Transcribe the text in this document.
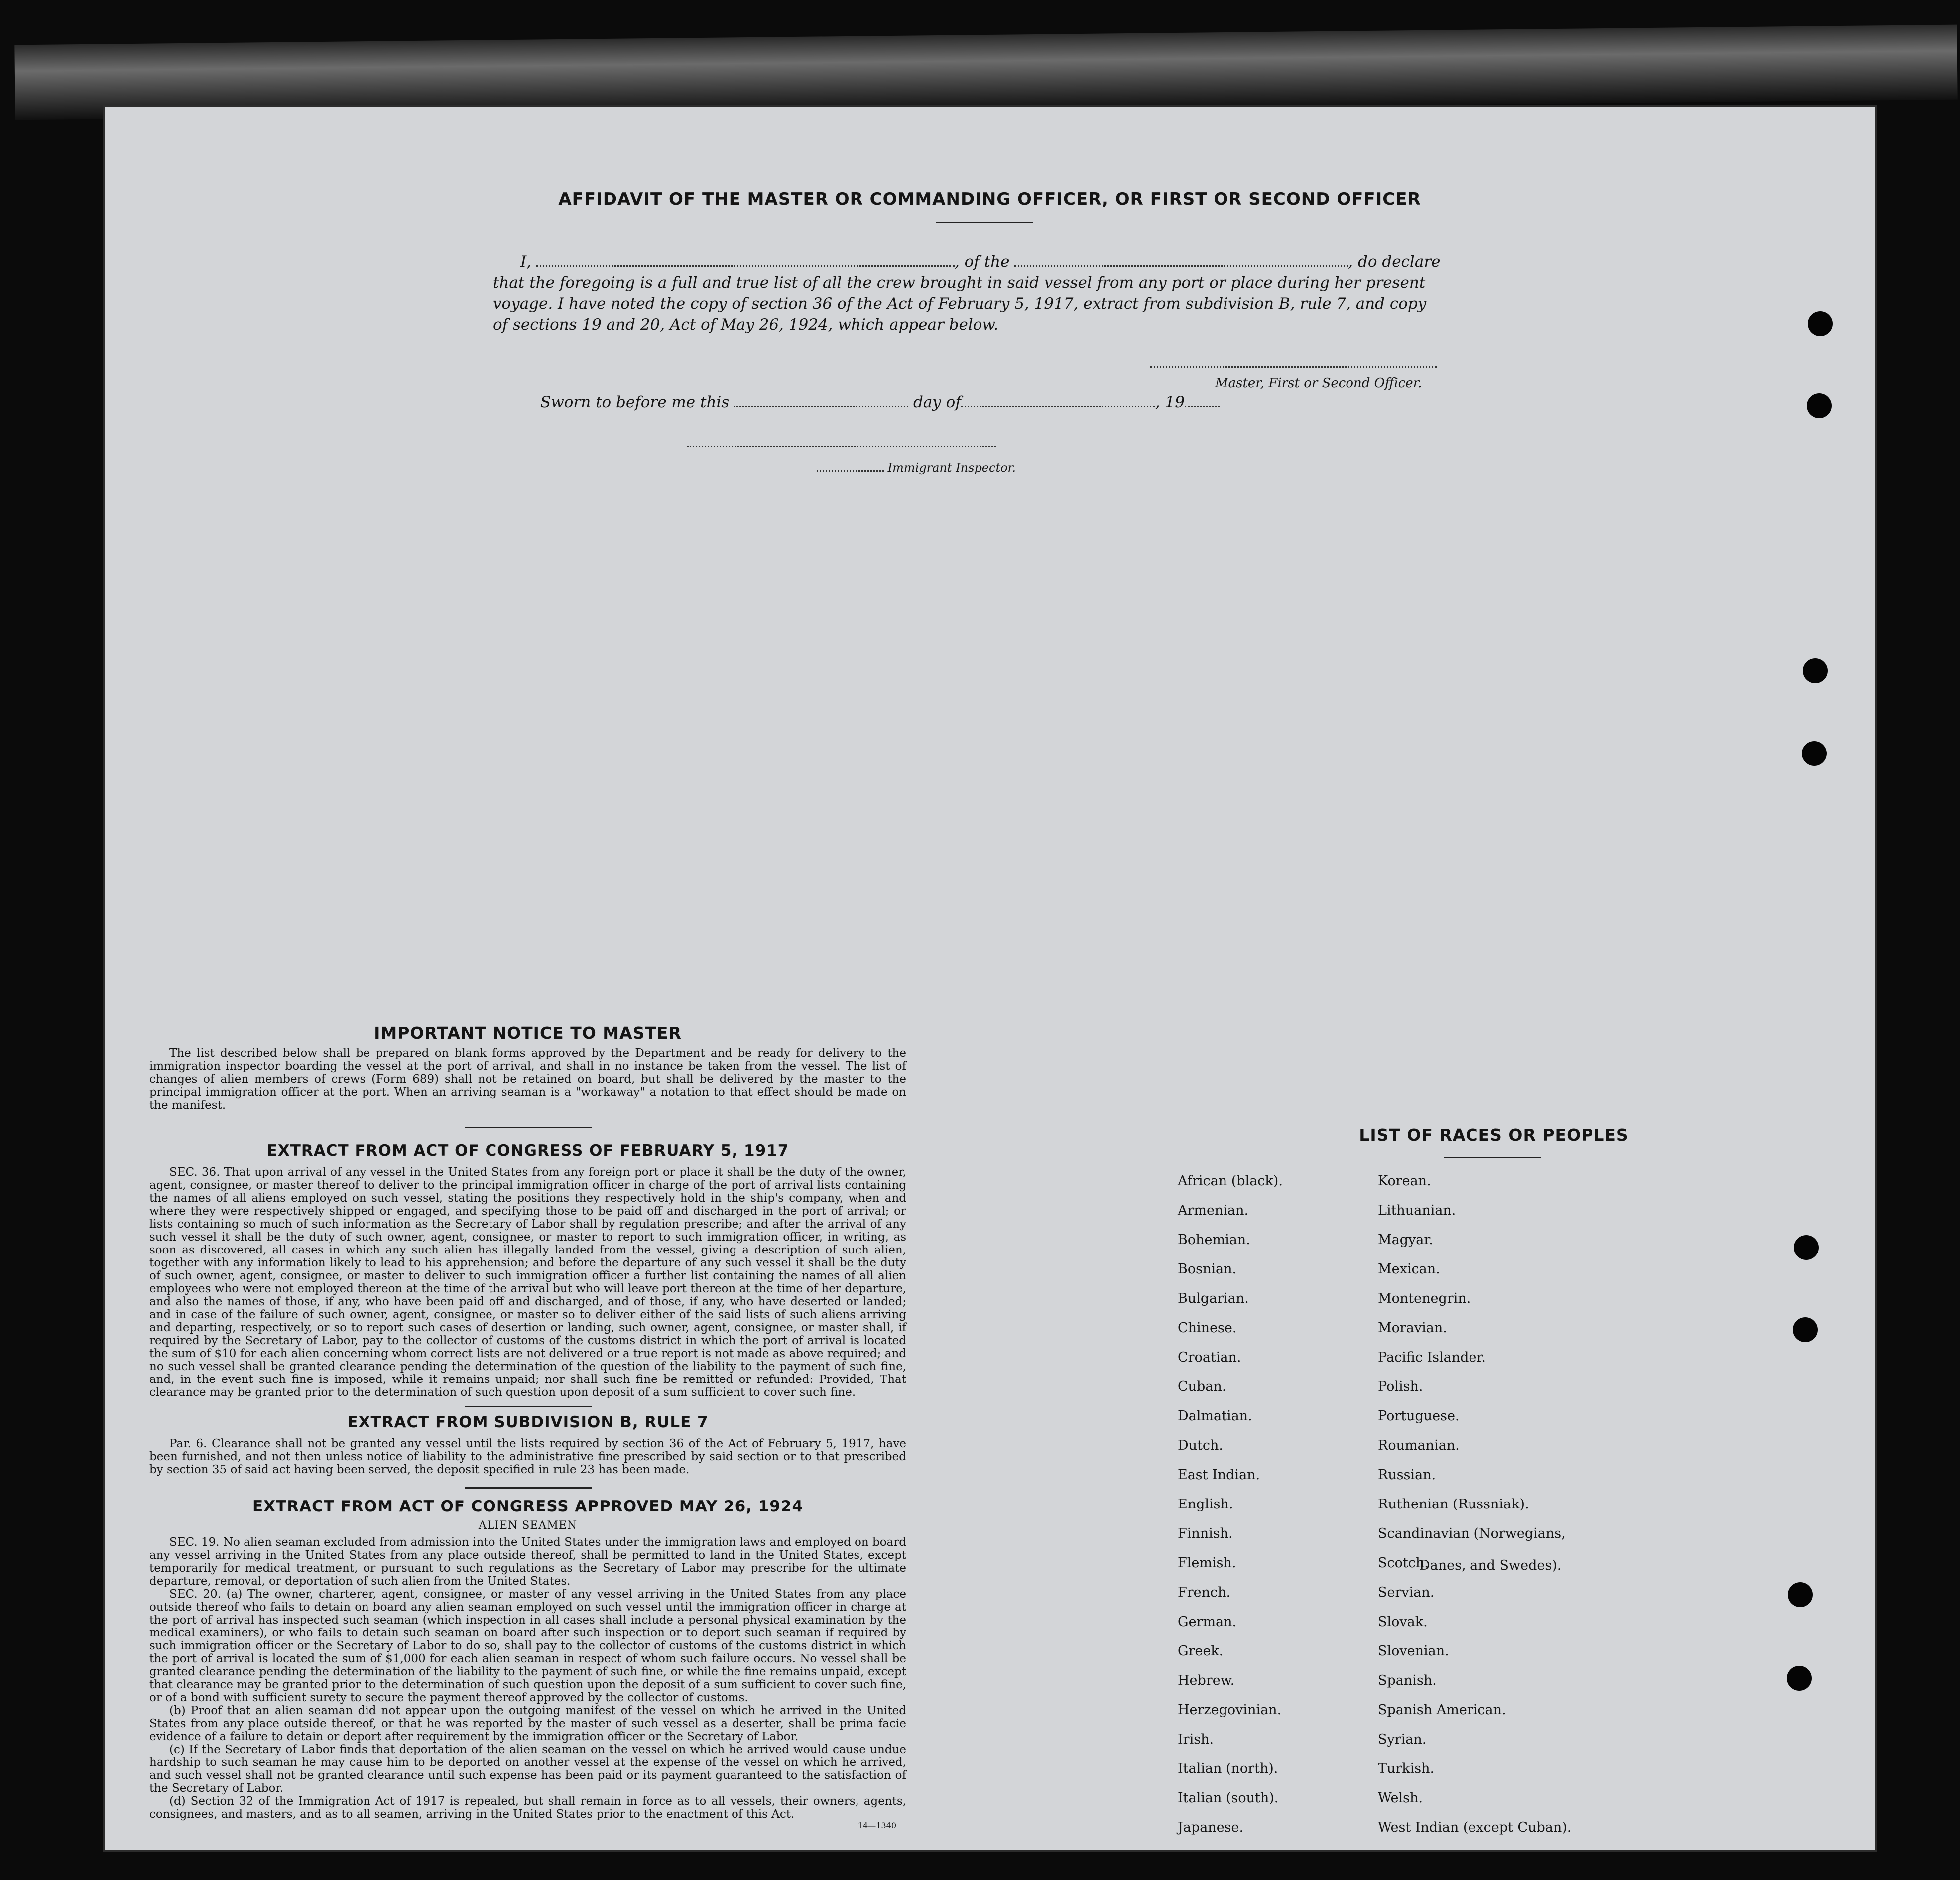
AFFIDAVIT OF THE MASTER OR COMMANDING OFFICER, OR FIRST OR SECOND OFFICER
I,	, of the	, do declare
that the foregoing is a full and true list of all the crew brought in said vessel from any port or place during her present
voyage. I have noted the copy of section 36 of the Act of February 5, 1917, extract from subdivision B, rule 7, and copy
of sections 19 and 20, Act of May 26, 1924, which appear below.
Master, First or Second Officer.
Sworn to before me this	day of	, 19
Immigrant Inspector.
IMPORTANT NOTICE TO MASTER
The list described below shall be prepared on blank forms approved by the Department and be ready for delivery to the immigration inspector boarding the vessel at the port of arrival, and shall in no instance be taken from the vessel. The list of changes of alien members of crews (Form 689) shall not be retained on board, but shall be delivered by the master to the principal immigration officer at the port. When an arriving seaman is a "workaway" a notation to that effect should be made on the manifest.
EXTRACT FROM ACT OF CONGRESS OF FEBRUARY 5, 1917
SEC. 36. That upon arrival of any vessel in the United States from any foreign port or place it shall be the duty of the owner, agent, consignee, or master thereof to deliver to the principal immigration officer in charge of the port of arrival lists containing the names of all aliens employed on such vessel, stating the positions they respectively hold in the ship's company, when and where they were respectively shipped or engaged, and specifying those to be paid off and discharged in the port of arrival; or lists containing so much of such information as the Secretary of Labor shall by regulation prescribe; and after the arrival of any such vessel it shall be the duty of such owner, agent, consignee, or master to report to such immigration officer, in writing, as soon as discovered, all cases in which any such alien has illegally landed from the vessel, giving a description of such alien, together with any information likely to lead to his apprehension; and before the departure of any such vessel it shall be the duty of such owner, agent, consignee, or master to deliver to such immigration officer a further list containing the names of all alien employees who were not employed thereon at the time of the arrival but who will leave port thereon at the time of her departure, and also the names of those, if any, who have been paid off and discharged, and of those, if any, who have deserted or landed; and in case of the failure of such owner, agent, consignee, or master so to deliver either of the said lists of such aliens arriving and departing, respectively, or so to report such cases of desertion or landing, such owner, agent, consignee, or master shall, if required by the Secretary of Labor, pay to the collector of customs of the customs district in which the port of arrival is located the sum of $10 for each alien concerning whom correct lists are not delivered or a true report is not made as above required; and no such vessel shall be granted clearance pending the determination of the question of the liability to the payment of such fine, and, in the event such fine is imposed, while it remains unpaid; nor shall such fine be remitted or refunded: Provided, That clearance may be granted prior to the determination of such question upon deposit of a sum sufficient to cover such fine.
EXTRACT FROM SUBDIVISION B, RULE 7
Par. 6. Clearance shall not be granted any vessel until the lists required by section 36 of the Act of February 5, 1917, have been furnished, and not then unless notice of liability to the administrative fine prescribed by said section or to that prescribed by section 35 of said act having been served, the deposit specified in rule 23 has been made.
EXTRACT FROM ACT OF CONGRESS APPROVED MAY 26, 1924
ALIEN SEAMEN
SEC. 19. No alien seaman excluded from admission into the United States under the immigration laws and employed on board any vessel arriving in the United States from any place outside thereof, shall be permitted to land in the United States, except temporarily for medical treatment, or pursuant to such regulations as the Secretary of Labor may prescribe for the ultimate departure, removal, or deportation of such alien from the United States.
SEC. 20. (a) The owner, charterer, agent, consignee, or master of any vessel arriving in the United States from any place outside thereof who fails to detain on board any alien seaman employed on such vessel until the immigration officer in charge at the port of arrival has inspected such seaman (which inspection in all cases shall include a personal physical examination by the medical examiners), or who fails to detain such seaman on board after such inspection or to deport such seaman if required by such immigration officer or the Secretary of Labor to do so, shall pay to the collector of customs of the customs district in which the port of arrival is located the sum of $1,000 for each alien seaman in respect of whom such failure occurs. No vessel shall be granted clearance pending the determination of the liability to the payment of such fine, or while the fine remains unpaid, except that clearance may be granted prior to the determination of such question upon the deposit of a sum sufficient to cover such fine, or of a bond with sufficient surety to secure the payment thereof approved by the collector of customs.
(b) Proof that an alien seaman did not appear upon the outgoing manifest of the vessel on which he arrived in the United States from any place outside thereof, or that he was reported by the master of such vessel as a deserter, shall be prima facie evidence of a failure to detain or deport after requirement by the immigration officer or the Secretary of Labor.
(c) If the Secretary of Labor finds that deportation of the alien seaman on the vessel on which he arrived would cause undue hardship to such seaman he may cause him to be deported on another vessel at the expense of the vessel on which he arrived, and such vessel shall not be granted clearance until such expense has been paid or its payment guaranteed to the satisfaction of the Secretary of Labor.
(d) Section 32 of the Immigration Act of 1917 is repealed, but shall remain in force as to all vessels, their owners, agents, consignees, and masters, and as to all seamen, arriving in the United States prior to the enactment of this Act.
14—1340
LIST OF RACES OR PEOPLES
African (black).
Armenian.
Bohemian.
Bosnian.
Bulgarian.
Chinese.
Croatian.
Cuban.
Dalmatian.
Dutch.
East Indian.
English.
Finnish.
Flemish.
French.
German.
Greek.
Hebrew.
Herzegovinian.
Irish.
Italian (north).
Italian (south).
Japanese.
Korean.
Lithuanian.
Magyar.
Mexican.
Montenegrin.
Moravian.
Pacific Islander.
Polish.
Portuguese.
Roumanian.
Russian.
Ruthenian (Russniak).
Scandinavian (Norwegians,
Scotch.
Servian.
Slovak.
Slovenian.
Spanish.
Spanish American.
Syrian.
Turkish.
Welsh.
West Indian (except Cuban).
Danes, and Swedes).
